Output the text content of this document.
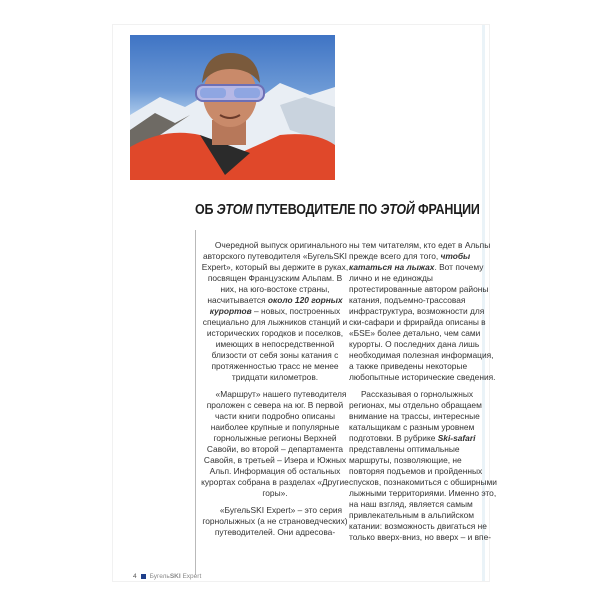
ОБ ЭТОМ ПУТЕВОДИТЕЛЕ ПО ЭТОЙ ФРАНЦИИ

Очередной выпуск оригинального авторского путеводителя «БугельSKI Expert», который вы держите в руках, посвящен Французским Альпам. В них, на юго-востоке страны, насчитывается около 120 горных курортов – новых, построенных специально для лыжников станций и исторических городков и поселков, имеющих в непосредственной близости от себя зоны катания с протяженностью трасс не менее тридцати километров.

«Маршрут» нашего путеводителя проложен с севера на юг. В первой части книги подробно описаны наиболее крупные и популярные горнолыжные регионы Верхней Савойи, во второй – департамента Савойя, в третьей – Изера и Южных Альп. Информация об остальных курортах собрана в разделах «Другие горы».

«БугельSKI Expert» – это серия горнолыжных (а не страноведческих) путеводителей. Они адресова-

ны тем читателям, кто едет в Альпы прежде всего для того, чтобы кататься на лыжах. Вот почему лично и не единожды протестированные автором районы катания, подъемно-трассовая инфраструктура, возможности для ски-сафари и фрирайда описаны в «БSE» более детально, чем сами курорты. О последних дана лишь необходимая полезная информация, а также приведены некоторые любопытные исторические сведения.

Рассказывая о горнолыжных регионах, мы отдельно обращаем внимание на трассы, интересные катальщикам с разным уровнем подготовки. В рубрике Ski-safari представлены оптимальные маршруты, позволяющие, не повторяя подъемов и пройденных спусков, познакомиться с обширными лыжными территориями. Именно это, на наш взгляд, является самым привлекательным в альпийском катании: возможность двигаться не только вверх-вниз, но вверх – и впе-

4 БугельSKI Expert
